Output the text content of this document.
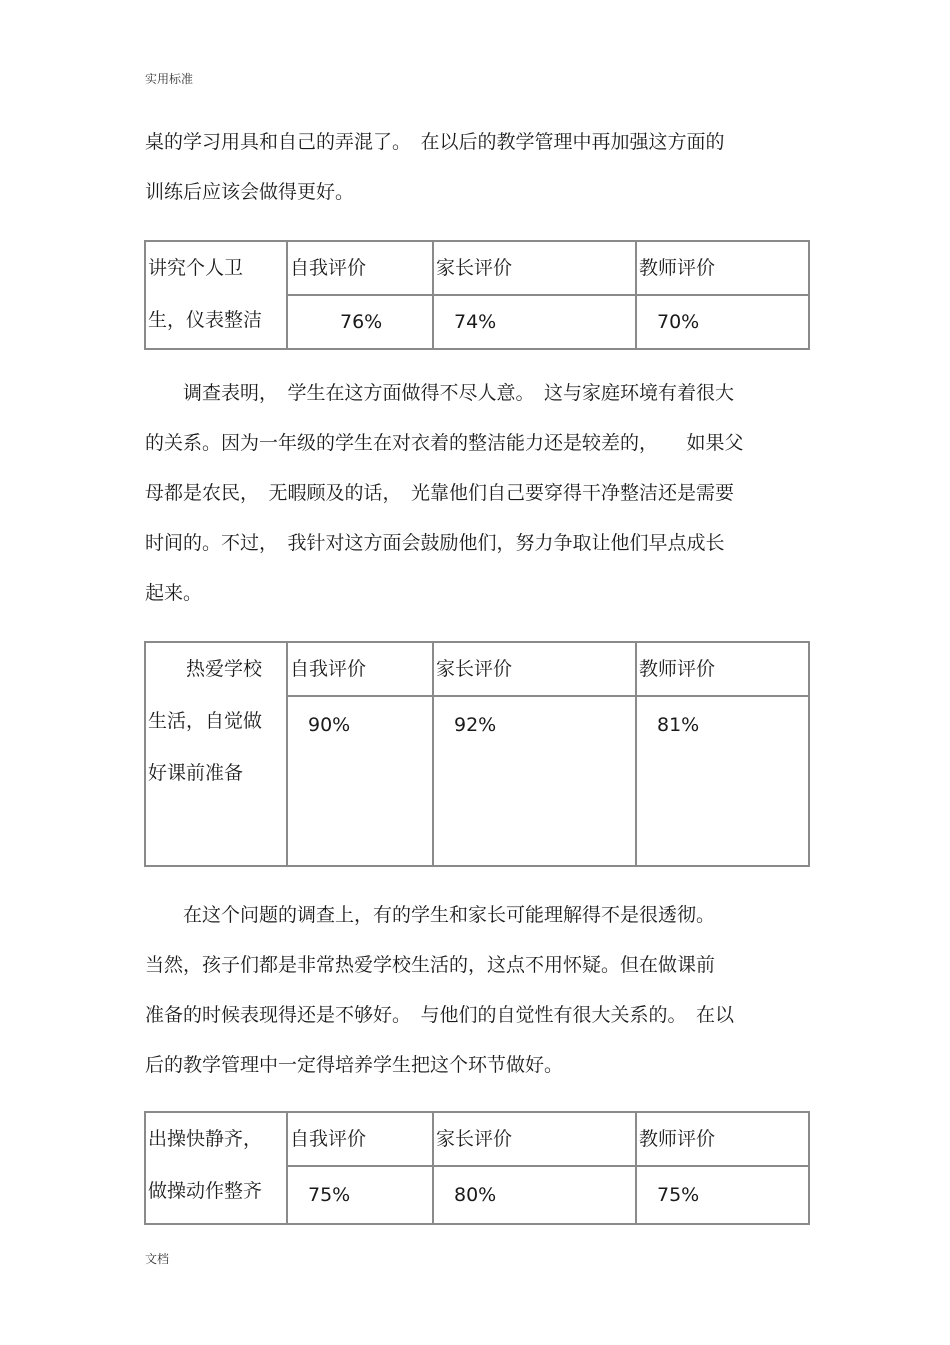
实用标准
桌的学习用具和自己的弄混了。　在以后的教学管理中再加强这方面的
训练后应该会做得更好。
讲究个人卫
生，仪表整洁	自我评价	家长评价	教师评价
	76%	74%	70%
　　调查表明，　学生在这方面做得不尽人意。　这与家庭环境有着很大
的关系。因为一年级的学生在对衣着的整洁能力还是较差的，　　如果父
母都是农民，　无暇顾及的话，　光靠他们自己要穿得干净整洁还是需要
时间的。不过，　我针对这方面会鼓励他们，努力争取让他们早点成长
起来。
　　热爱学校
生活，自觉做
好课前准备	自我评价	家长评价	教师评价
	90%	92%	81%
　　在这个问题的调查上，有的学生和家长可能理解得不是很透彻。
当然，孩子们都是非常热爱学校生活的，这点不用怀疑。但在做课前
准备的时候表现得还是不够好。　与他们的自觉性有很大关系的。　在以
后的教学管理中一定得培养学生把这个环节做好。
出操快静齐，
做操动作整齐	自我评价	家长评价	教师评价
	75%	80%	75%
文档
